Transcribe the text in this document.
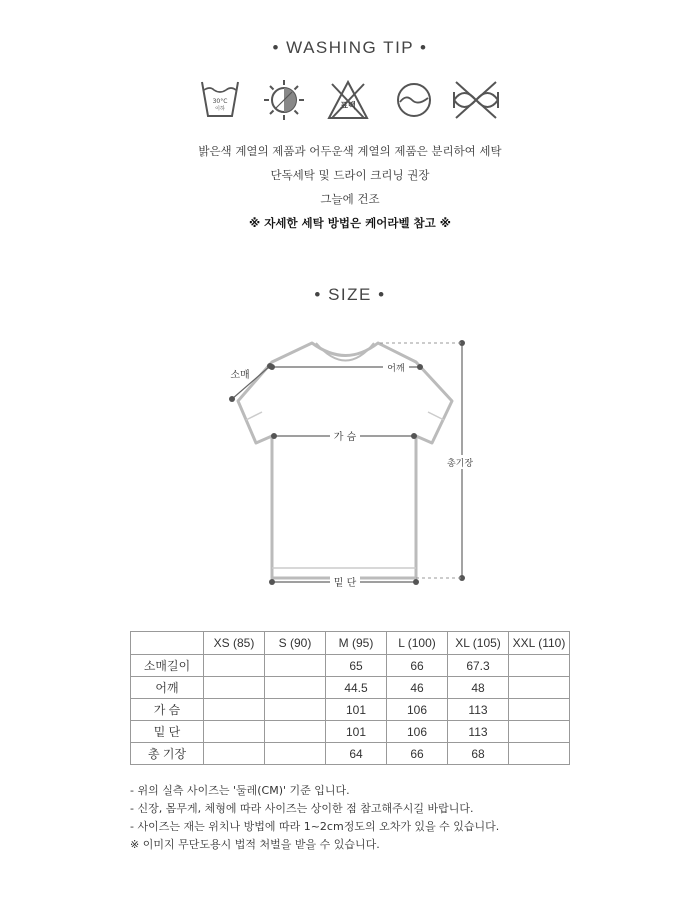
• WASHING TIP •
30°C
이하	표백
밝은색 계열의 제품과 어두운색 계열의 제품은 분리하여 세탁
단독세탁 및 드라이 크리닝 권장
그늘에 건조
※ 자세한 세탁 방법은 케어라벨 참고 ※
• SIZE •
소매
어깨
가 슴
총기장
밑 단
	XS (85)	S (90)	M (95)	L (100)	XL (105)	XXL (110)
소매길이			65	66	67.3	
어깨			44.5	46	48	
가 슴			101	106	113	
밑 단			101	106	113	
총 기장			64	66	68	
- 위의 실측 사이즈는 '둘레(CM)' 기준 입니다.
- 신장, 몸무게, 체형에 따라 사이즈는 상이한 점 참고해주시길 바랍니다.
- 사이즈는 재는 위치나 방법에 따라 1~2cm정도의 오차가 있을 수 있습니다.
※ 이미지 무단도용시 법적 처벌을 받을 수 있습니다.
